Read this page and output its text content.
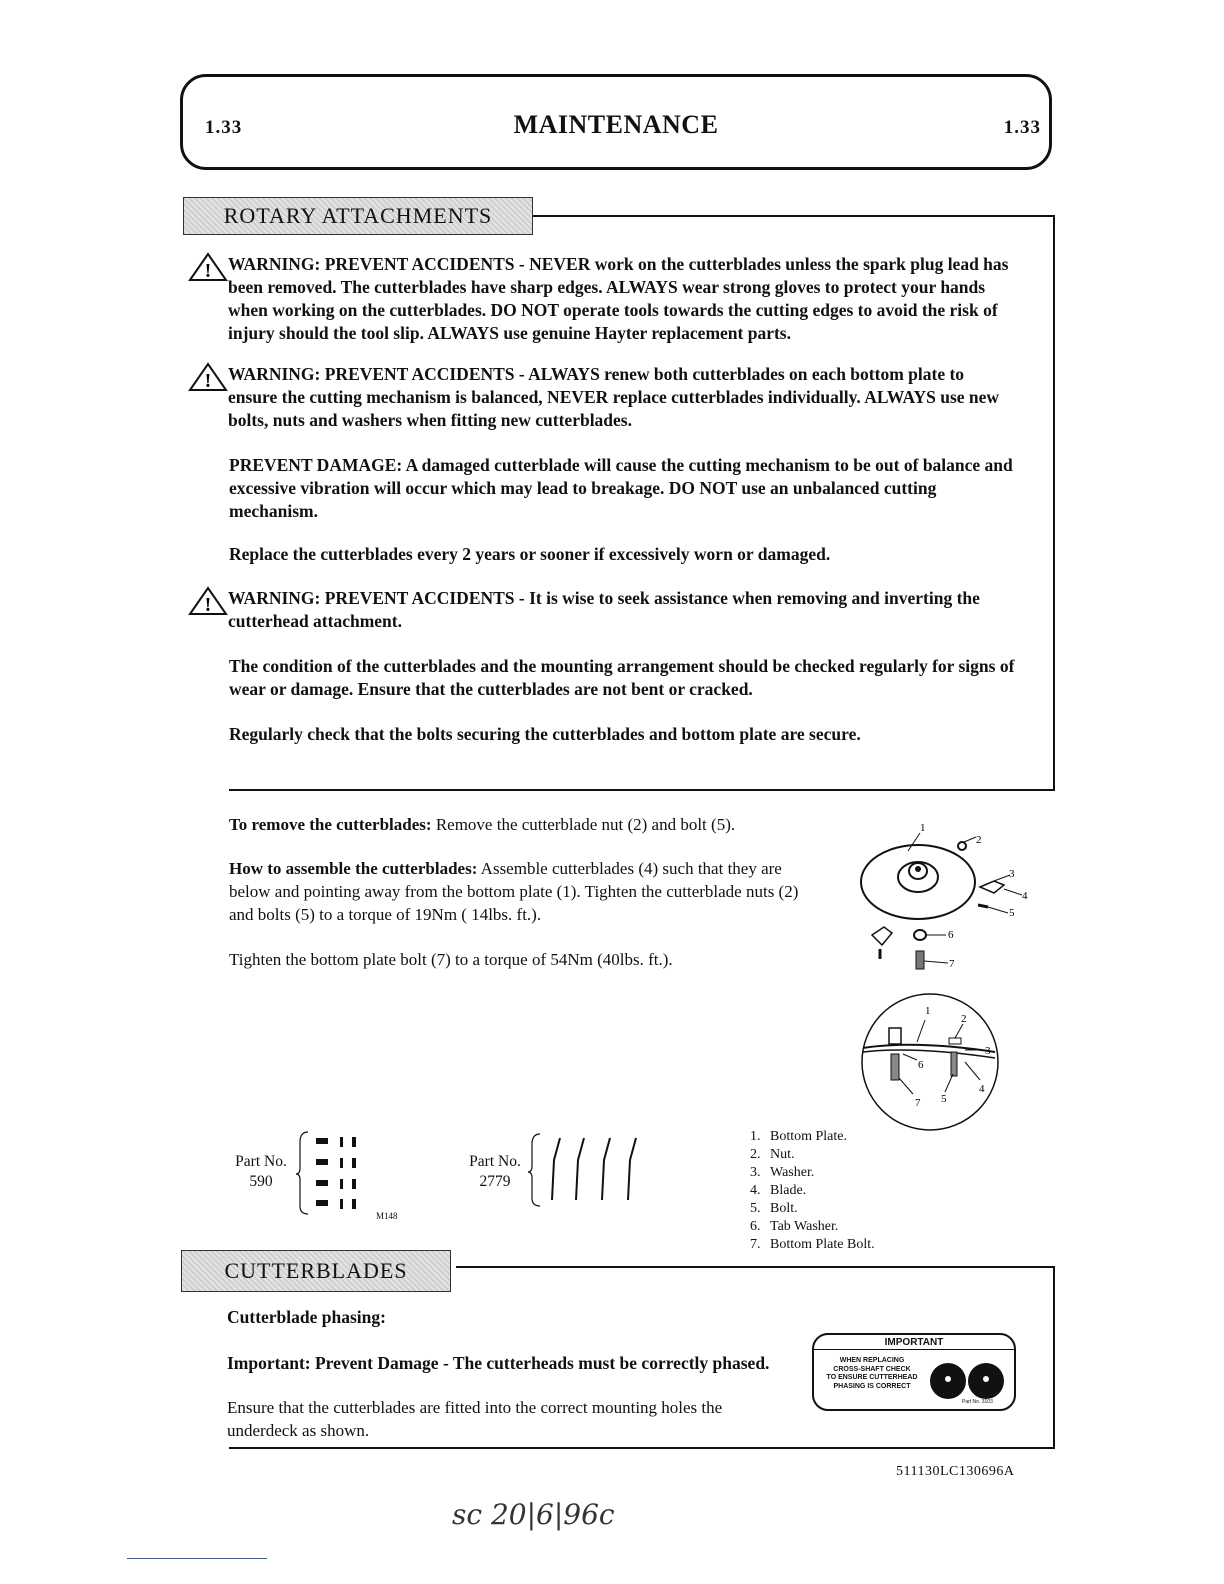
1.33	MAINTENANCE	1.33
ROTARY ATTACHMENTS
! WARNING: PREVENT ACCIDENTS - NEVER work on the cutterblades unless the spark plug lead has been removed. The cutterblades have sharp edges. ALWAYS wear strong gloves to protect your hands when working on the cutterblades. DO NOT operate tools towards the cutting edges to avoid the risk of injury should the tool slip. ALWAYS use genuine Hayter replacement parts.
! WARNING: PREVENT ACCIDENTS - ALWAYS renew both cutterblades on each bottom plate to ensure the cutting mechanism is balanced, NEVER replace cutterblades individually. ALWAYS use new bolts, nuts and washers when fitting new cutterblades.
PREVENT DAMAGE: A damaged cutterblade will cause the cutting mechanism to be out of balance and excessive vibration will occur which may lead to breakage. DO NOT use an unbalanced cutting mechanism.
Replace the cutterblades every 2 years or sooner if excessively worn or damaged.
! WARNING: PREVENT ACCIDENTS - It is wise to seek assistance when removing and inverting the cutterhead attachment.
The condition of the cutterblades and the mounting arrangement should be checked regularly for signs of wear or damage. Ensure that the cutterblades are not bent or cracked.
Regularly check that the bolts securing the cutterblades and bottom plate are secure.
To remove the cutterblades: Remove the cutterblade nut (2) and bolt (5).
How to assemble the cutterblades: Assemble cutterblades (4) such that they are below and pointing away from the bottom plate (1). Tighten the cutterblade nuts (2) and bolts (5) to a torque of 19Nm ( 14lbs. ft.).
Tighten the bottom plate bolt (7) to a torque of 54Nm (40lbs. ft.).
1
2
3
4
5
6
7
1
2
3
4
5
6
7
Part No.
590
M148
Part No.
2779
1. Bottom Plate.
2. Nut.
3. Washer.
4. Blade.
5. Bolt.
6. Tab Washer.
7. Bottom Plate Bolt.
CUTTERBLADES
Cutterblade phasing:
Important: Prevent Damage - The cutterheads must be correctly phased.
Ensure that the cutterblades are fitted into the correct mounting holes the underdeck as shown.
IMPORTANT
WHEN REPLACING
CROSS-SHAFT CHECK
TO ENSURE CUTTERHEAD
PHASING IS CORRECT
Part No. 3103
511130LC130696A
sc 20|6|96c
